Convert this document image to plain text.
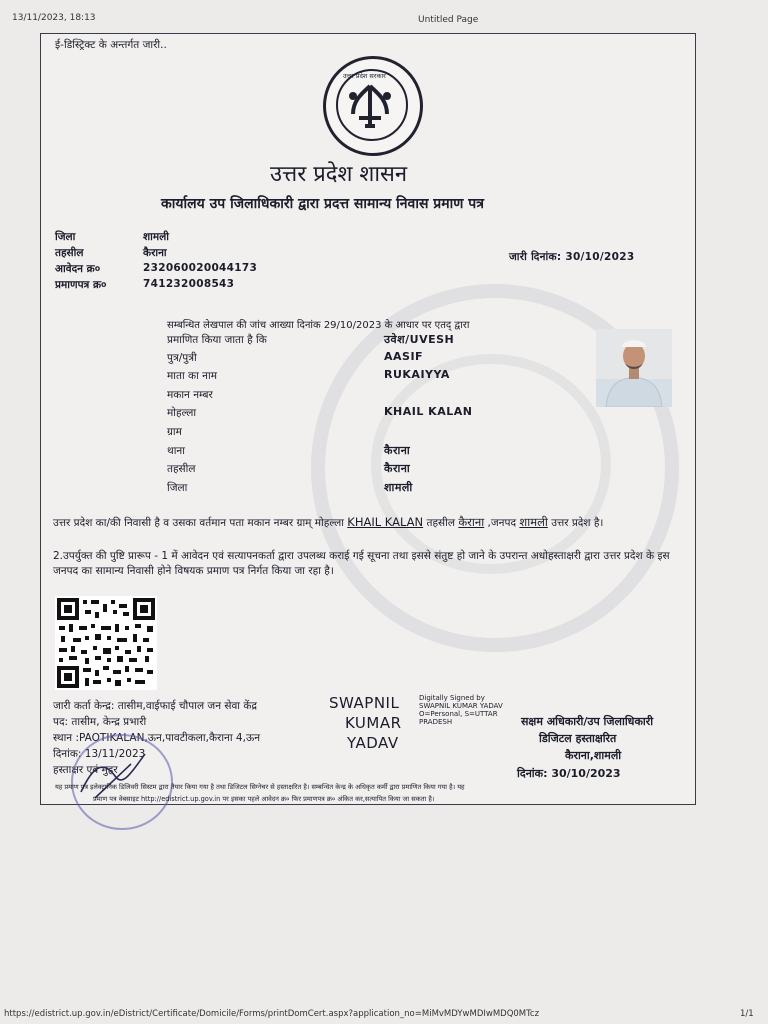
13/11/2023, 18:13	Untitled Page
ई-डिस्ट्रिक्ट के अन्तर्गत जारी..
उत्तर प्रदेश सरकार
उत्तर प्रदेश शासन
कार्यालय उप जिलाधिकारी द्वारा प्रदत्त सामान्य निवास प्रमाण पत्र
जिला	शामली
तहसील	कैराना
आवेदन क्र०	232060020044173
प्रमाणपत्र क्र०	741232008543
जारी दिनांक: 30/10/2023
सम्बन्धित लेखपाल की जांच आख्या दिनांक 29/10/2023 के आधार पर एतद् द्वारा
प्रमाणित किया जाता है कि	उवेश/UVESH
पुत्र/पुत्री	AASIF
माता का नाम	RUKAIYYA
मकान नम्बर
मोहल्ला	KHAIL KALAN
ग्राम
थाना	कैराना
तहसील	कैराना
जिला	शामली
उत्तर प्रदेश का/की निवासी है व उसका वर्तमान पता मकान नम्बर ग्राम् मोहल्ला KHAIL KALAN तहसील कैराना ,जनपद शामली उत्तर प्रदेश है।
2.उपर्युक्त की पुष्टि प्रारूप - 1 में आवेदन एवं सत्यापनकर्ता द्वारा उपलब्ध कराई गई सूचना तथा इससे संतुष्ट हो जाने के उपरान्त अधोहस्ताक्षरी द्वारा उत्तर प्रदेश के इस जनपद का सामान्य निवासी होने विषयक प्रमाण पत्र निर्गत किया जा रहा है।
जारी कर्ता केन्द्र: तासीम,वाईफाई चौपाल जन सेवा केंद्र
पद: तासीम, केन्द्र प्रभारी
स्थान :PAOTIKALAN,ऊन,पावटीकला,कैराना 4,ऊन
दिनांक: 13/11/2023
हस्ताक्षर एवं मुहर
SWAPNIL
KUMAR
YADAV
Digitally Signed by
SWAPNIL KUMAR YADAV
O=Personal, S=UTTAR
PRADESH	सक्षम अधिकारी/उप जिलाधिकारी
डिजिटल हस्ताक्षरित
कैराना,शामली
दिनांक: 30/10/2023
यह प्रमाण पत्र इलेक्ट्रानिक डिलिवरी सिस्टम द्वारा तैयार किया गया है तथा डिजिटल सिग्नेचर से हस्ताक्षरित है। सम्बन्धित केन्द्र के अधिकृत कर्मी द्वारा प्रमाणित किया गया है। यह
प्रमाण पत्र वेबसाइट http://edistrict.up.gov.in पर इसका पहले आवेदन क्र० फिर प्रमाणपत्र क्र० अंकित कर,सत्यापित किया जा सकता है।
https://edistrict.up.gov.in/eDistrict/Certificate/Domicile/Forms/printDomCert.aspx?application_no=MiMvMDYwMDIwMDQ0MTcz	1/1
